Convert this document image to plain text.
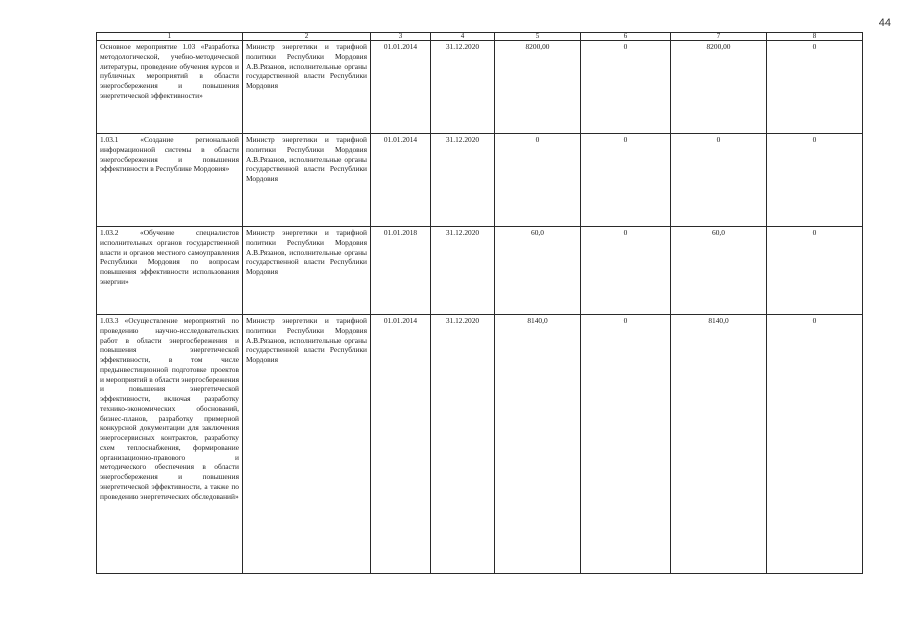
44
1	2	3	4	5	6	7	8
Основное мероприятие 1.03 «Разработка методологической, учебно-методической литературы, проведение обучения курсов и публичных мероприятий в области энергосбережения и повышения энергетической эффективности»	Министр энергетики и тарифной политики Республики Мордовия А.В.Рязанов, исполнительные органы государственной власти Республики Мордовия	01.01.2014	31.12.2020	8200,00	0	8200,00	0
1.03.1 «Создание региональной информационной системы в области энергосбережения и повышения эффективности в Республике Мордовия»	Министр энергетики и тарифной политики Республики Мордовия А.В.Рязанов, исполнительные органы государственной власти Республики Мордовия	01.01.2014	31.12.2020	0	0	0	0
1.03.2 «Обучение специалистов исполнительных органов государственной власти и органов местного самоуправления Республики Мордовия по вопросам повышения эффективности использования энергии»	Министр энергетики и тарифной политики Республики Мордовия А.В.Рязанов, исполнительные органы государственной власти Республики Мордовия	01.01.2018	31.12.2020	60,0	0	60,0	0
1.03.3 «Осуществление мероприятий по проведению научно-исследовательских работ в области энергосбережения и повышения энергетической эффективности, в том числе предынвестиционной подготовке проектов и мероприятий в области энергосбережения и повышения энергетической эффективности, включая разработку технико-экономических обоснований, бизнес-планов, разработку примерной конкурсной документации для заключения энергосервисных контрактов, разработку схем теплоснабжения, формирование организационно-правового и методического обеспечения в области энергосбережения и повышения энергетической эффективности, а также по проведению энергетических обследований»	Министр энергетики и тарифной политики Республики Мордовия А.В.Рязанов, исполнительные органы государственной власти Республики Мордовия	01.01.2014	31.12.2020	8140,0	0	8140,0	0
